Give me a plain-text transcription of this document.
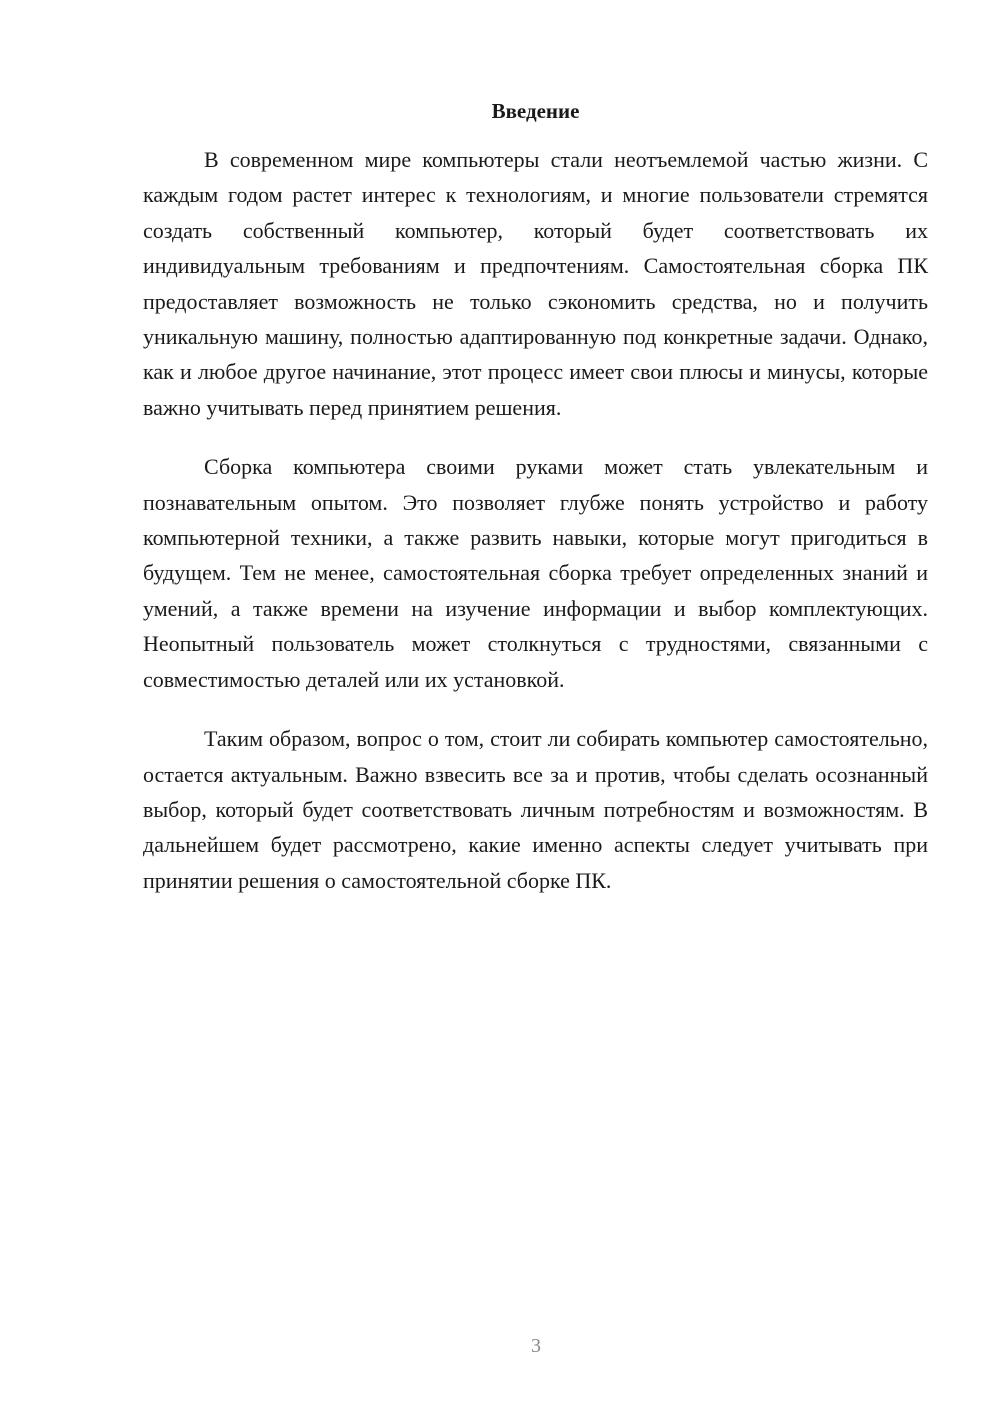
Введение

В современном мире компьютеры стали неотъемлемой частью жизни. С каждым годом растет интерес к технологиям, и многие пользователи стремятся создать собственный компьютер, который будет соответствовать их индивидуальным требованиям и предпочтениям. Самостоятельная сборка ПК предоставляет возможность не только сэкономить средства, но и получить уникальную машину, полностью адаптированную под конкретные задачи. Однако, как и любое другое начинание, этот процесс имеет свои плюсы и минусы, которые важно учитывать перед принятием решения.

Сборка компьютера своими руками может стать увлекательным и познавательным опытом. Это позволяет глубже понять устройство и работу компьютерной техники, а также развить навыки, которые могут пригодиться в будущем. Тем не менее, самостоятельная сборка требует определенных знаний и умений, а также времени на изучение информации и выбор комплектующих. Неопытный пользователь может столкнуться с трудностями, связанными с совместимостью деталей или их установкой.

Таким образом, вопрос о том, стоит ли собирать компьютер самостоятельно, остается актуальным. Важно взвесить все за и против, чтобы сделать осознанный выбор, который будет соответствовать личным потребностям и возможностям. В дальнейшем будет рассмотрено, какие именно аспекты следует учитывать при принятии решения о самостоятельной сборке ПК.

3
